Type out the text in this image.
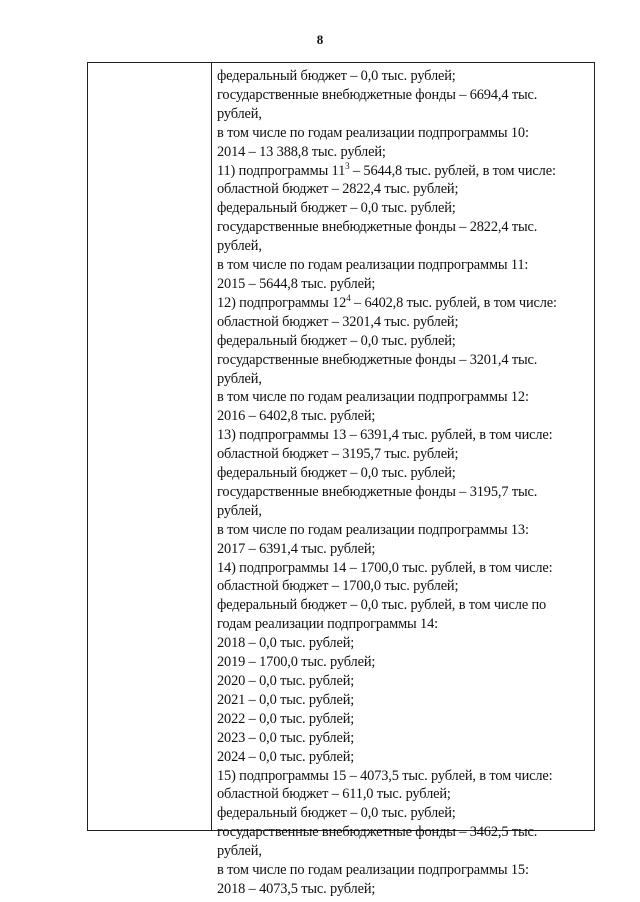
8
федеральный бюджет – 0,0 тыс. рублей;
государственные внебюджетные фонды – 6694,4 тыс.
рублей,
в том числе по годам реализации подпрограммы 10:
2014 – 13 388,8 тыс. рублей;
11) подпрограммы $11^3 - 5644,8$ тыс. рублей, в том числе:
областной бюджет – 2822,4 тыс. рублей;
федеральный бюджет – 0,0 тыс. рублей;
государственные внебюджетные фонды – 2822,4 тыс.
рублей,
в том числе по годам реализации подпрограммы 11:
2015 – 5644,8 тыс. рублей;
12) подпрограммы $12^4 - 6402,8$ тыс. рублей, в том числе:
областной бюджет – 3201,4 тыс. рублей;
федеральный бюджет – 0,0 тыс. рублей;
государственные внебюджетные фонды – 3201,4 тыс.
рублей,
в том числе по годам реализации подпрограммы 12:
2016 – 6402,8 тыс. рублей;
13) подпрограммы 13 – 6391,4 тыс. рублей, в том числе:
областной бюджет – 3195,7 тыс. рублей;
федеральный бюджет – 0,0 тыс. рублей;
государственные внебюджетные фонды – 3195,7 тыс.
рублей,
в том числе по годам реализации подпрограммы 13:
2017 – 6391,4 тыс. рублей;
14) подпрограммы 14 – 1700,0 тыс. рублей, в том числе:
областной бюджет – 1700,0 тыс. рублей;
федеральный бюджет – 0,0 тыс. рублей, в том числе по
годам реализации подпрограммы 14:
2018 – 0,0 тыс. рублей;
2019 – 1700,0 тыс. рублей;
2020 – 0,0 тыс. рублей;
2021 – 0,0 тыс. рублей;
2022 – 0,0 тыс. рублей;
2023 – 0,0 тыс. рублей;
2024 – 0,0 тыс. рублей;
15) подпрограммы 15 – 4073,5 тыс. рублей, в том числе:
областной бюджет – 611,0 тыс. рублей;
федеральный бюджет – 0,0 тыс. рублей;
государственные внебюджетные фонды – 3462,5 тыс.
рублей,
в том числе по годам реализации подпрограммы 15:
2018 – 4073,5 тыс. рублей;
